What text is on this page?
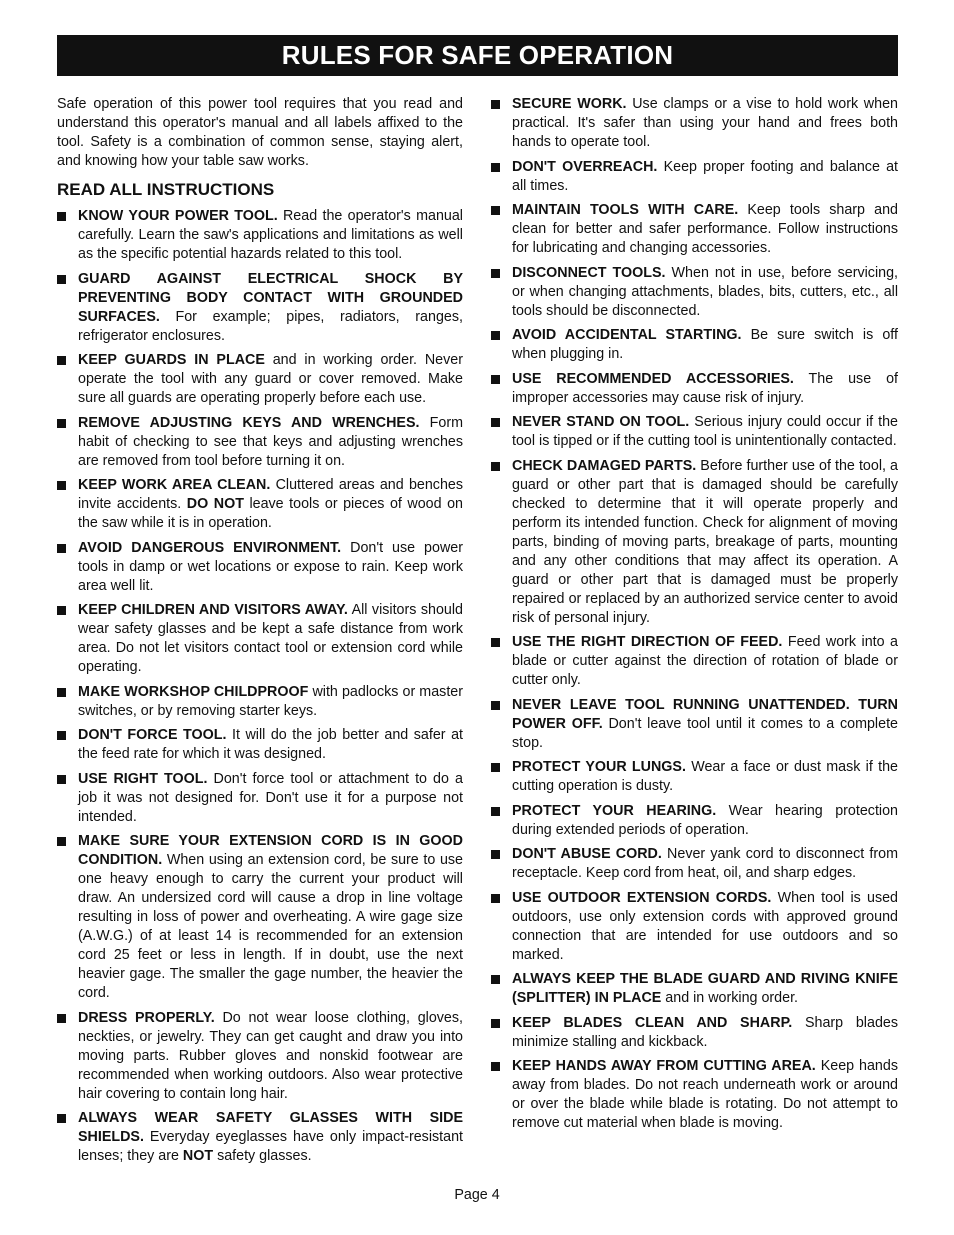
RULES FOR SAFE OPERATION

Safe operation of this power tool requires that you read and understand this operator's manual and all labels affixed to the tool. Safety is a combination of common sense, staying alert, and knowing how your table saw works.

READ ALL INSTRUCTIONS
KNOW YOUR POWER TOOL. Read the operator's manual carefully. Learn the saw's applications and limitations as well as the specific potential hazards related to this tool.
GUARD AGAINST ELECTRICAL SHOCK BY PREVENTING BODY CONTACT WITH GROUNDED SURFACES. For example; pipes, radiators, ranges, refrigerator enclosures.
KEEP GUARDS IN PLACE and in working order. Never operate the tool with any guard or cover removed. Make sure all guards are operating properly before each use.
REMOVE ADJUSTING KEYS AND WRENCHES. Form habit of checking to see that keys and adjusting wrenches are removed from tool before turning it on.
KEEP WORK AREA CLEAN. Cluttered areas and benches invite accidents. DO NOT leave tools or pieces of wood on the saw while it is in operation.
AVOID DANGEROUS ENVIRONMENT. Don't use power tools in damp or wet locations or expose to rain. Keep work area well lit.
KEEP CHILDREN AND VISITORS AWAY. All visitors should wear safety glasses and be kept a safe distance from work area. Do not let visitors contact tool or extension cord while operating.
MAKE WORKSHOP CHILDPROOF with padlocks or master switches, or by removing starter keys.
DON'T FORCE TOOL. It will do the job better and safer at the feed rate for which it was designed.
USE RIGHT TOOL. Don't force tool or attachment to do a job it was not designed for. Don't use it for a purpose not intended.
MAKE SURE YOUR EXTENSION CORD IS IN GOOD CONDITION. When using an extension cord, be sure to use one heavy enough to carry the current your product will draw. An undersized cord will cause a drop in line voltage resulting in loss of power and overheating. A wire gage size (A.W.G.) of at least 14 is recommended for an extension cord 25 feet or less in length. If in doubt, use the next heavier gage. The smaller the gage number, the heavier the cord.
DRESS PROPERLY. Do not wear loose clothing, gloves, neckties, or jewelry. They can get caught and draw you into moving parts. Rubber gloves and nonskid footwear are recommended when working outdoors. Also wear protective hair covering to contain long hair.
ALWAYS WEAR SAFETY GLASSES WITH SIDE SHIELDS. Everyday eyeglasses have only impact-resistant lenses; they are NOT safety glasses.
SECURE WORK. Use clamps or a vise to hold work when practical. It's safer than using your hand and frees both hands to operate tool.
DON'T OVERREACH. Keep proper footing and balance at all times.
MAINTAIN TOOLS WITH CARE. Keep tools sharp and clean for better and safer performance. Follow instructions for lubricating and changing accessories.
DISCONNECT TOOLS. When not in use, before servicing, or when changing attachments, blades, bits, cutters, etc., all tools should be disconnected.
AVOID ACCIDENTAL STARTING. Be sure switch is off when plugging in.
USE RECOMMENDED ACCESSORIES. The use of improper accessories may cause risk of injury.
NEVER STAND ON TOOL. Serious injury could occur if the tool is tipped or if the cutting tool is unintentionally contacted.
CHECK DAMAGED PARTS. Before further use of the tool, a guard or other part that is damaged should be carefully checked to determine that it will operate properly and perform its intended function. Check for alignment of moving parts, binding of moving parts, breakage of parts, mounting and any other conditions that may affect its operation. A guard or other part that is damaged must be properly repaired or replaced by an authorized service center to avoid risk of personal injury.
USE THE RIGHT DIRECTION OF FEED. Feed work into a blade or cutter against the direction of rotation of blade or cutter only.
NEVER LEAVE TOOL RUNNING UNATTENDED. TURN POWER OFF. Don't leave tool until it comes to a complete stop.
PROTECT YOUR LUNGS. Wear a face or dust mask if the cutting operation is dusty.
PROTECT YOUR HEARING. Wear hearing protection during extended periods of operation.
DON'T ABUSE CORD. Never yank cord to disconnect from receptacle. Keep cord from heat, oil, and sharp edges.
USE OUTDOOR EXTENSION CORDS. When tool is used outdoors, use only extension cords with approved ground connection that are intended for use outdoors and so marked.
ALWAYS KEEP THE BLADE GUARD AND RIVING KNIFE (SPLITTER) IN PLACE and in working order.
KEEP BLADES CLEAN AND SHARP. Sharp blades minimize stalling and kickback.
KEEP HANDS AWAY FROM CUTTING AREA. Keep hands away from blades. Do not reach underneath work or around or over the blade while blade is rotating. Do not attempt to remove cut material when blade is moving.
Page 4
